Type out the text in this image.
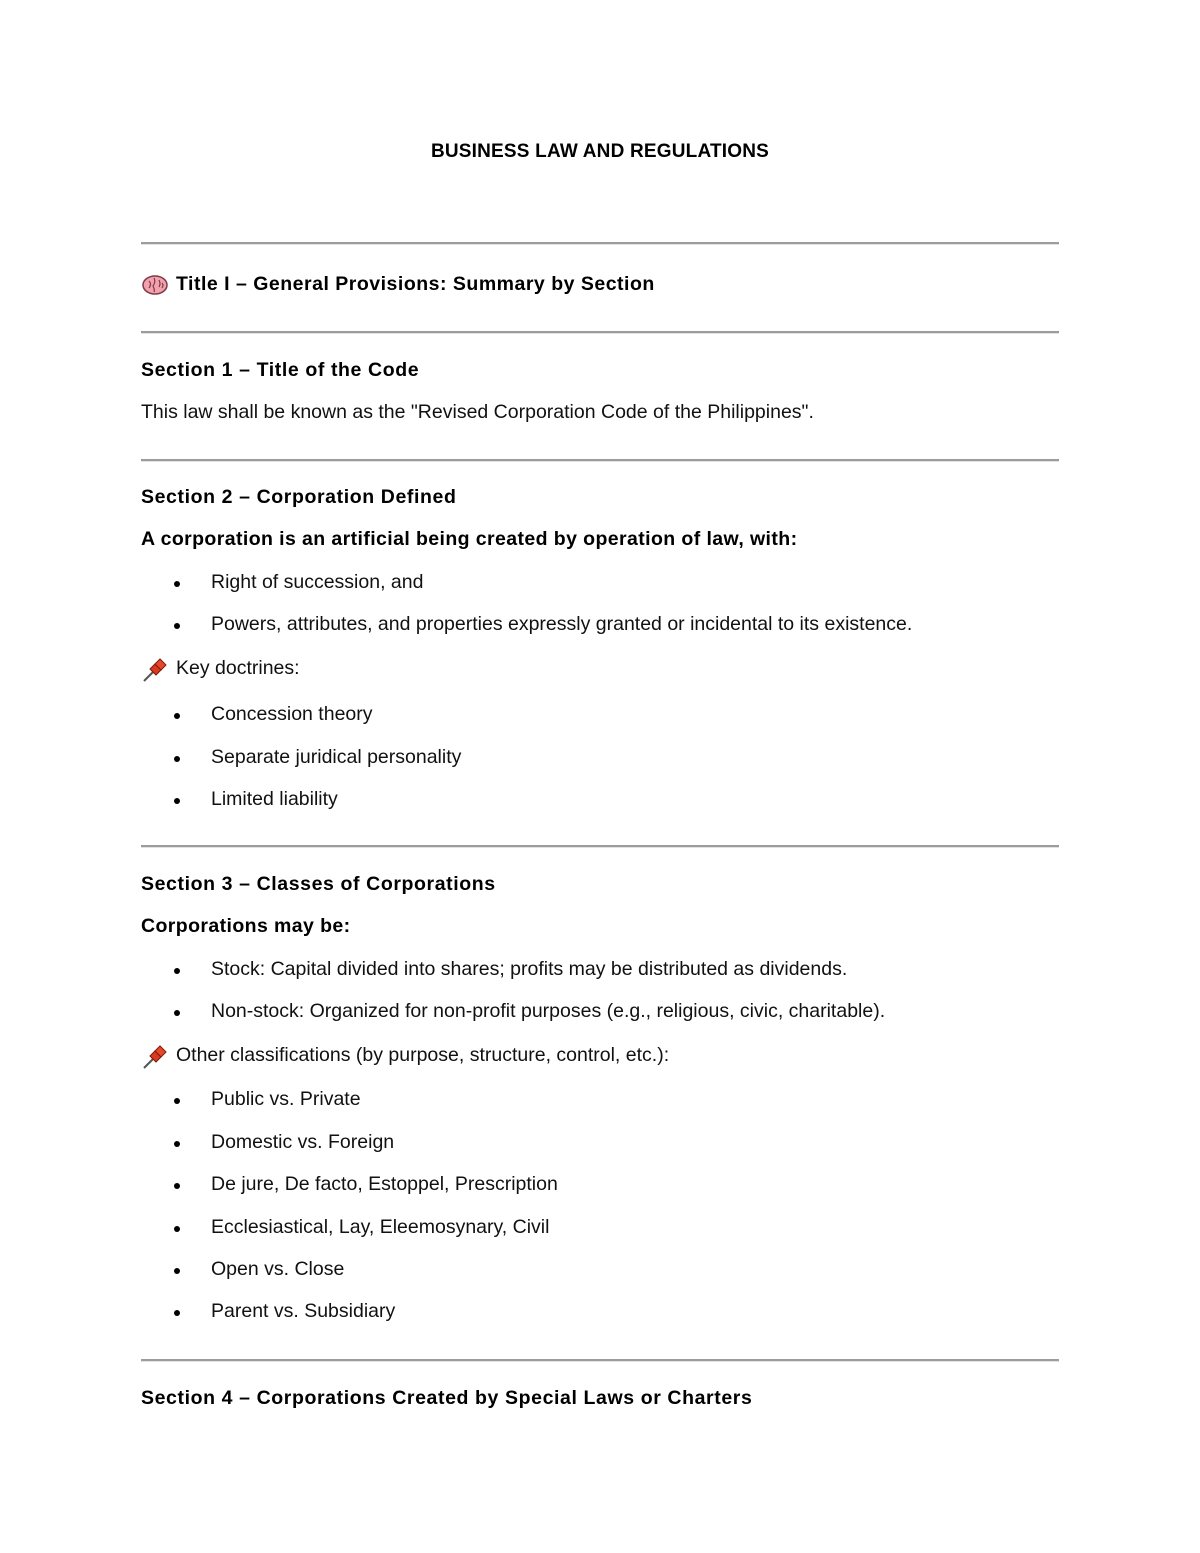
BUSINESS LAW AND REGULATIONS
Title I – General Provisions: Summary by Section
Section 1 – Title of the Code
This law shall be known as the "Revised Corporation Code of the Philippines".
Section 2 – Corporation Defined
A corporation is an artificial being created by operation of law, with:
Right of succession, and
Powers, attributes, and properties expressly granted or incidental to its existence.
Key doctrines:
Concession theory
Separate juridical personality
Limited liability
Section 3 – Classes of Corporations
Corporations may be:
Stock: Capital divided into shares; profits may be distributed as dividends.
Non-stock: Organized for non-profit purposes (e.g., religious, civic, charitable).
Other classifications (by purpose, structure, control, etc.):
Public vs. Private
Domestic vs. Foreign
De jure, De facto, Estoppel, Prescription
Ecclesiastical, Lay, Eleemosynary, Civil
Open vs. Close
Parent vs. Subsidiary
Section 4 – Corporations Created by Special Laws or Charters
